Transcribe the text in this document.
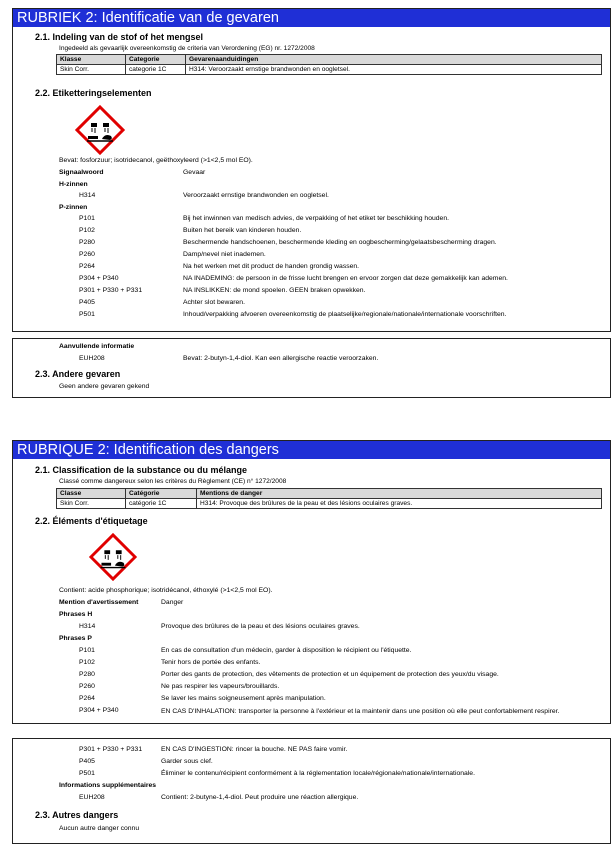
RUBRIEK 2: Identificatie van de gevaren
2.1. Indeling van de stof of het mengsel
Ingedeeld als gevaarlijk overeenkomstig de criteria van Verordening (EG) nr. 1272/2008
Klasse	Categorie	Gevarenaanduidingen
Skin Corr.	categorie 1C	H314: Veroorzaakt ernstige brandwonden en oogletsel.
2.2. Etiketteringselementen
Bevat: fosforzuur; isotridecanol, geëthoxyleerd (>1<2,5 mol EO).
Signaalwoord	Gevaar
H-zinnen
H314	Veroorzaakt ernstige brandwonden en oogletsel.
P-zinnen
P101	Bij het inwinnen van medisch advies, de verpakking of het etiket ter beschikking houden.
P102	Buiten het bereik van kinderen houden.
P280	Beschermende handschoenen, beschermende kleding en oogbescherming/gelaatsbescherming dragen.
P260	Damp/nevel niet inademen.
P264	Na het werken met dit product de handen grondig wassen.
P304 + P340	NA INADEMING: de persoon in de frisse lucht brengen en ervoor zorgen dat deze gemakkelijk kan ademen.
P301 + P330 + P331	NA INSLIKKEN: de mond spoelen. GEEN braken opwekken.
P405	Achter slot bewaren.
P501	Inhoud/verpakking afvoeren overeenkomstig de plaatselijke/regionale/nationale/internationale voorschriften.
Aanvullende informatie
EUH208	Bevat: 2-butyn-1,4-diol. Kan een allergische reactie veroorzaken.
2.3. Andere gevaren
Geen andere gevaren gekend
RUBRIQUE 2: Identification des dangers
2.1. Classification de la substance ou du mélange
Classé comme dangereux selon les critères du Règlement (CE) n° 1272/2008
Classe	Catégorie	Mentions de danger
Skin Corr.	catégorie 1C	H314: Provoque des brûlures de la peau et des lésions oculaires graves.
2.2. Éléments d'étiquetage
Contient: acide phosphorique; isotridécanol, éthoxylé (>1<2,5 mol EO).
Mention d'avertissement	Danger
Phrases H
H314	Provoque des brûlures de la peau et des lésions oculaires graves.
Phrases P
P101	En cas de consultation d'un médecin, garder à disposition le récipient ou l'étiquette.
P102	Tenir hors de portée des enfants.
P280	Porter des gants de protection, des vêtements de protection et un équipement de protection des yeux/du visage.
P260	Ne pas respirer les vapeurs/brouillards.
P264	Se laver les mains soigneusement après manipulation.
P304 + P340	EN CAS D'INHALATION: transporter la personne à l'extérieur et la maintenir dans une position où elle peut confortablement respirer.
P301 + P330 + P331	EN CAS D'INGESTION: rincer la bouche. NE PAS faire vomir.
P405	Garder sous clef.
P501	Éliminer le contenu/récipient conformément à la réglementation locale/régionale/nationale/internationale.
Informations supplémentaires
EUH208	Contient: 2-butyne-1,4-diol. Peut produire une réaction allergique.
2.3. Autres dangers
Aucun autre danger connu
